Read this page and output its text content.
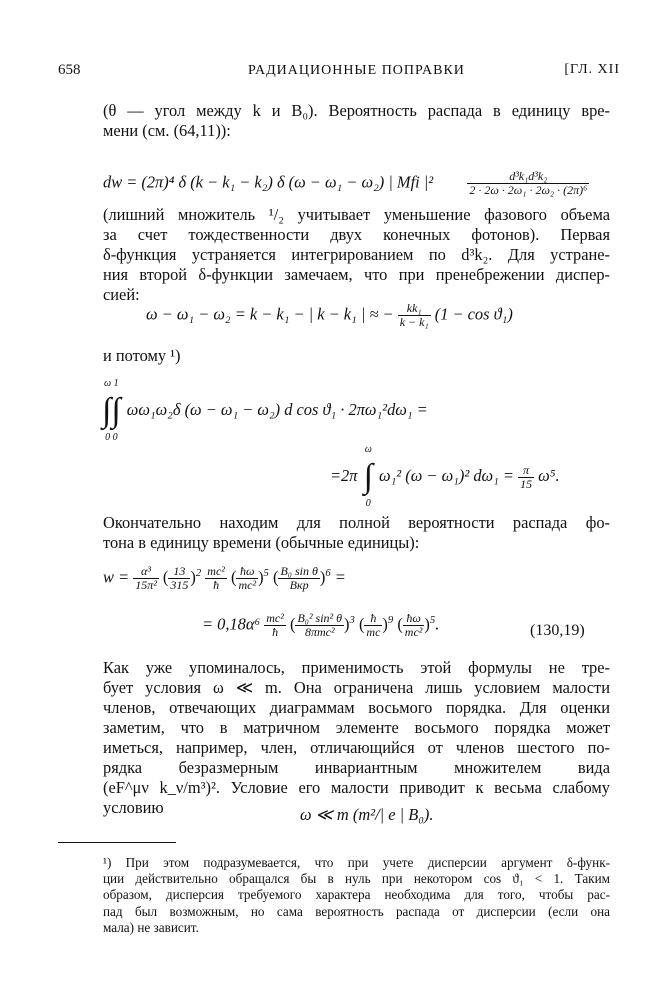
658	РАДИАЦИОННЫЕ ПОПРАВКИ	[ГЛ. XII
(θ — угол между k и B₀). Вероятность распада в единицу вре-
мени (см. (64,11)):
dw = (2π)⁴ δ (k − k₁ − k₂) δ (ω − ω₁ − ω₂) | Mfi |²	$\frac{\text{d³k₁d³k₂}}{\text{2 · 2ω · 2ω₁ · 2ω₂ · (2π)⁶}}$
(лишний множитель ¹/₂ учитывает уменьшение фазового объема
за счет тождественности двух конечных фотонов). Первая
δ-функция устраняется интегрированием по d³k₂. Для устране-
ния второй δ-функции замечаем, что при пренебрежении диспер-
сией:
ω − ω₁ − ω₂ = k − k₁ − | k − k₁ | ≈ − $\frac{\text{kk₁}}{\text{k − k₁}} (1 - \cos ϑ_1)$
и потому ¹)
ω 1
∫∫
0 0
ωω₁ω₂δ (ω − ω₁ − ω₂) d cos ϑ₁ · 2πω₁²dω₁ =
=2π
ω
∫
0
ω₁² (ω − ω₁)² $d\omega_1 = \frac{\pi}{15} \omega^5$.
Окончательно находим для полной вероятности распада фо-
тона в единицу времени (обычные единицы):
$w = \frac{\text{α³}}{\text{15π²}}$ ( $\frac{13}{315} )^2 \frac{\text{mc²}}{ħ}$ ( $\frac{ħ\omega}{\text{mc²}} )^5$ ( $\frac{\text{B₀ sin θ}}{\text{Bкр}} )^6$ =
= $0,18\alpha^6 \frac{\text{mc²}}{ħ}$ ( $\frac{\text{B₀² sin² θ}}{\text{8πmc²}} )^3$ ( $\frac{ħ}{mc} )^9$ ( $\frac{ħ\omega}{\text{mc²}} )^5$.	(130,19)
Как уже упоминалось, применимость этой формулы не тре-
бует условия ω ≪ m. Она ограничена лишь условием малости
членов, отвечающих диаграммам восьмого порядка. Для оценки
заметим, что в матричном элементе восьмого порядка может
иметься, например, член, отличающийся от членов шестого по-
рядка безразмерным инвариантным множителем вида
(eF^μν k_ν/m³)². Условие его малости приводит к весьма слабому
условию	ω ≪ m (m²/| e | B₀).
¹) При этом подразумевается, что при учете дисперсии аргумент δ-функ-
ции действительно обращался бы в нуль при некотором cos ϑ₁ < 1. Таким
образом, дисперсия требуемого характера необходима для того, чтобы рас-
пад был возможным, но сама вероятность распада от дисперсии (если она
мала) не зависит.
